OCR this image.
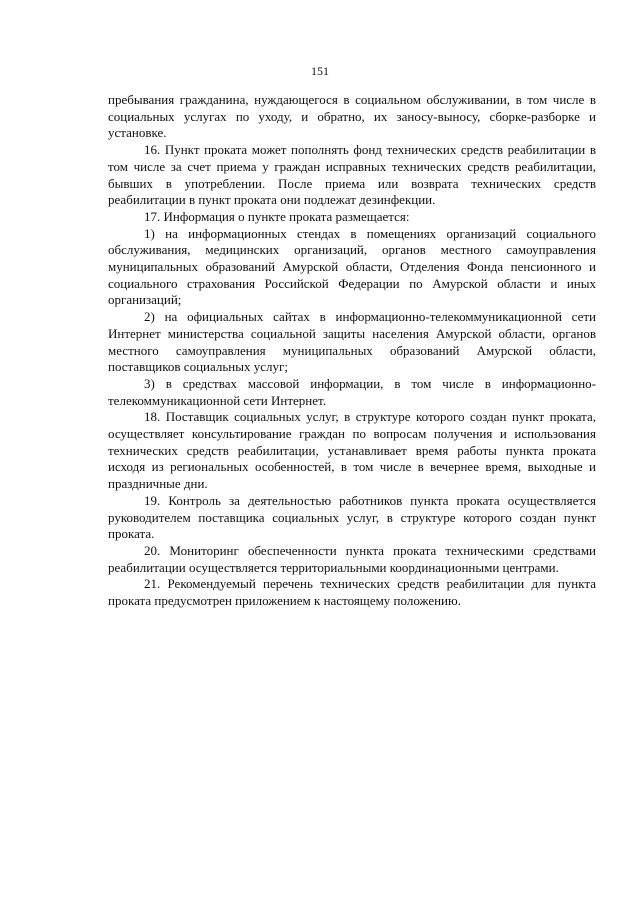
151

пребывания гражданина, нуждающегося в социальном обслуживании, в том числе в социальных услугах по уходу, и обратно, их заносу-выносу, сборке-разборке и установке.

16. Пункт проката может пополнять фонд технических средств реабилитации в том числе за счет приема у граждан исправных технических средств реабилитации, бывших в употреблении. После приема или возврата технических средств реабилитации в пункт проката они подлежат дезинфекции.

17. Информация о пункте проката размещается:

1) на информационных стендах в помещениях организаций социального обслуживания, медицинских организаций, органов местного самоуправления муниципальных образований Амурской области, Отделения Фонда пенсионного и социального страхования Российской Федерации по Амурской области и иных организаций;

2) на официальных сайтах в информационно-телекоммуникационной сети Интернет министерства социальной защиты населения Амурской области, органов местного самоуправления муниципальных образований Амурской области, поставщиков социальных услуг;

3) в средствах массовой информации, в том числе в информационно-телекоммуникационной сети Интернет.

18. Поставщик социальных услуг, в структуре которого создан пункт проката, осуществляет консультирование граждан по вопросам получения и использования технических средств реабилитации, устанавливает время работы пункта проката исходя из региональных особенностей, в том числе в вечернее время, выходные и праздничные дни.

19. Контроль за деятельностью работников пункта проката осуществляется руководителем поставщика социальных услуг, в структуре которого создан пункт проката.

20. Мониторинг обеспеченности пункта проката техническими средствами реабилитации осуществляется территориальными координационными центрами.

21. Рекомендуемый перечень технических средств реабилитации для пункта проката предусмотрен приложением к настоящему положению.
